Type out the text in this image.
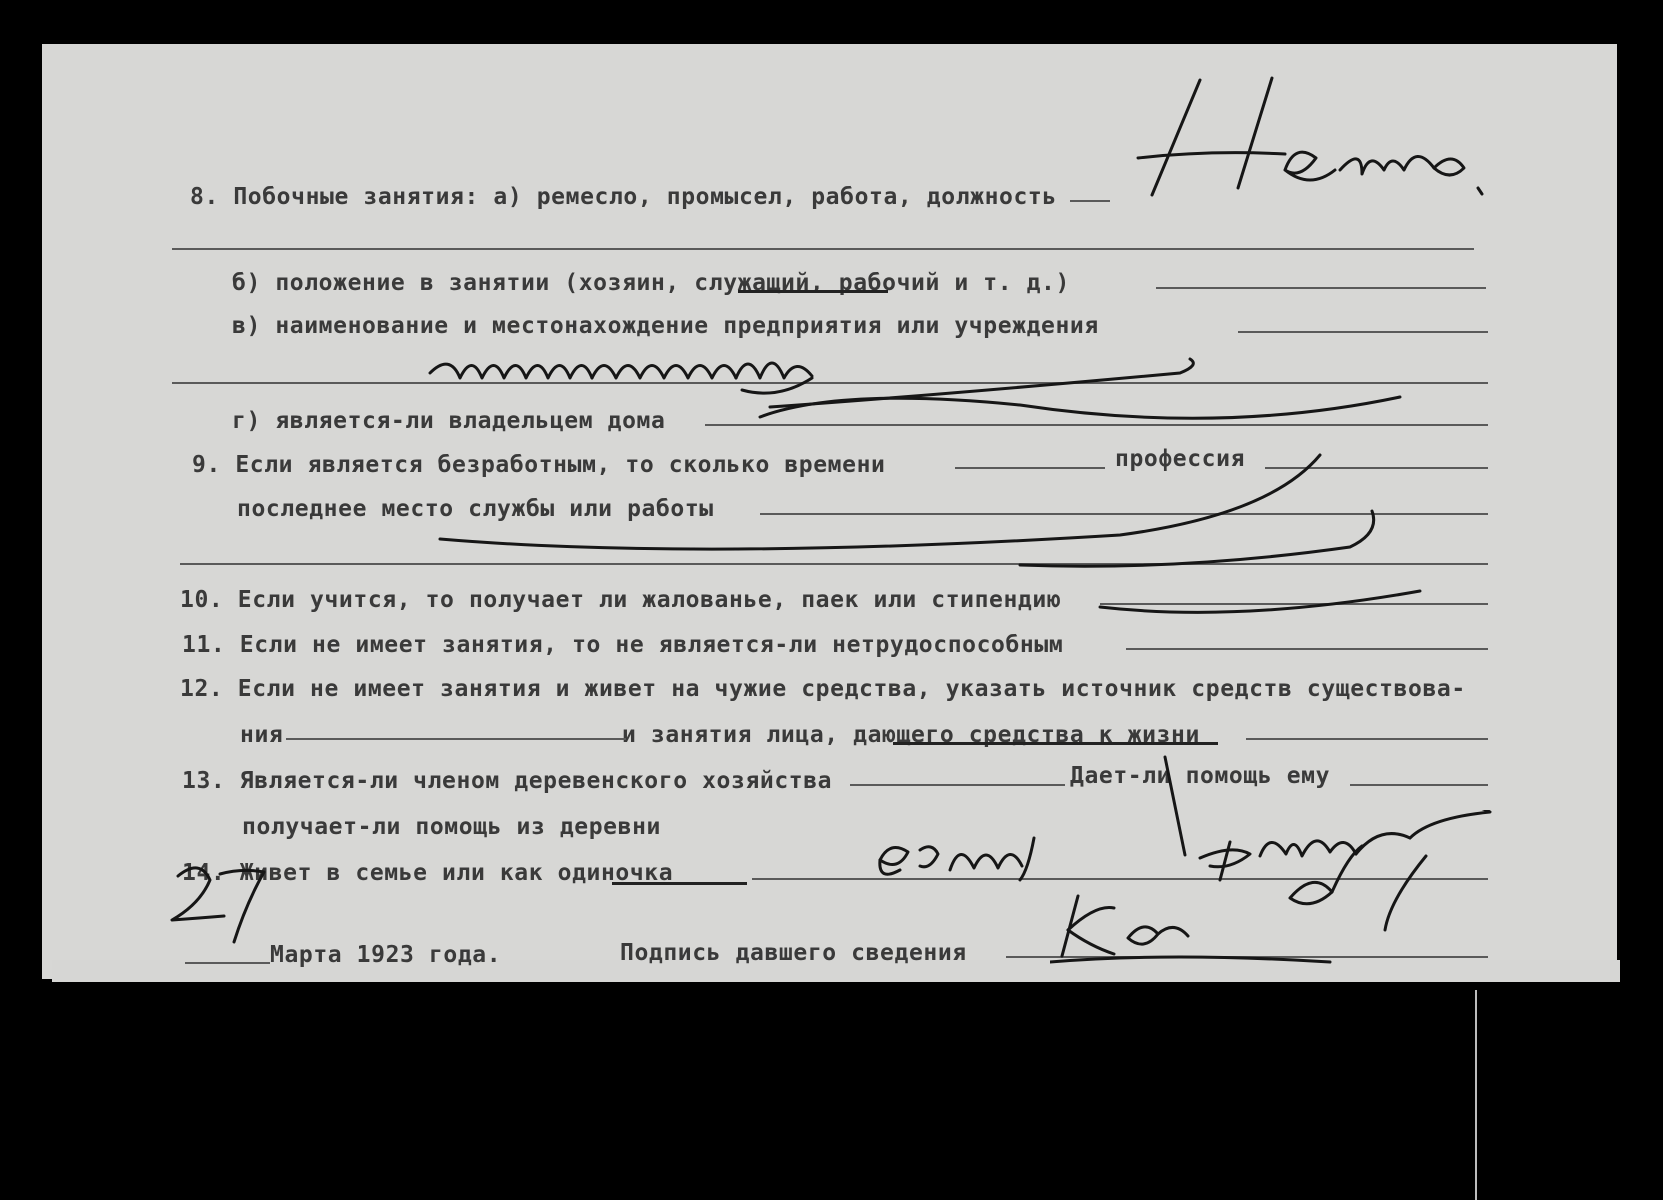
8. Побочные занятия: а) ремесло, промысел, работа, должность
б) положение в занятии (хозяин, служащий, рабочий и т. д.)
в) наименование и местонахождение предприятия или учреждения
г) является-ли владельцем дома
9. Если является безработным, то сколько времени	профессия
последнее место службы или работы
10. Если учится, то получает ли жалованье, паек или стипендию
11. Если не имеет занятия, то не является-ли нетрудоспособным
12. Если не имеет занятия и живет на чужие средства, указать источник средств существова-
ния	и занятия лица, дающего средства к жизни
13. Является-ли членом деревенского хозяйства	Дает-ли помощь ему
получает-ли помощь из деревни
14. Живет в семье или как одиночка
Марта 1923 года.	Подпись давшего сведения
